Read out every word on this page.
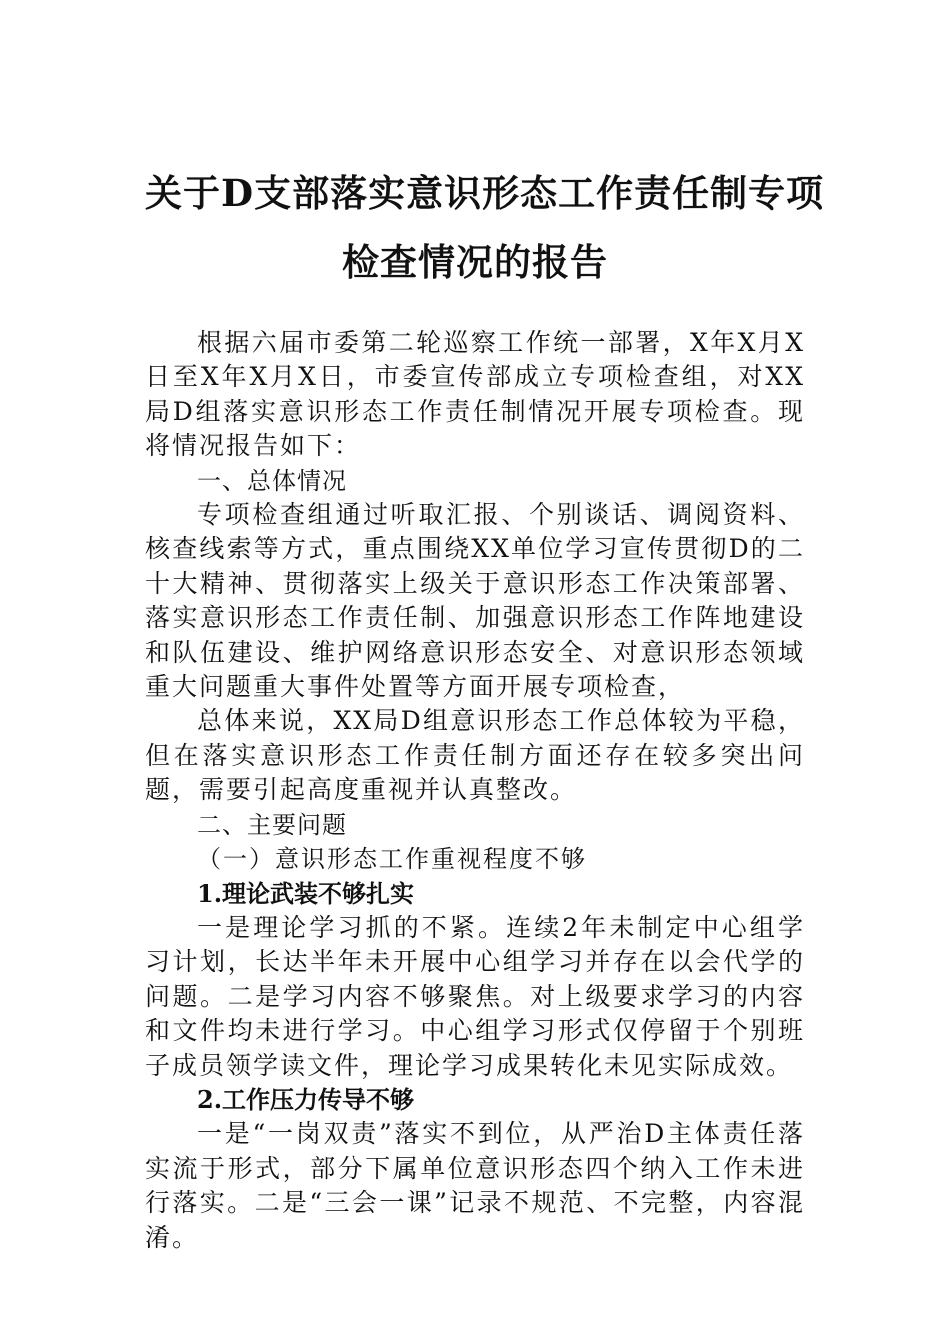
关于D支部落实意识形态工作责任制专项
检查情况的报告

根据六届市委第二轮巡察工作统一部署，X年X月X日至X年X月X日，市委宣传部成立专项检查组，对XX局D组落实意识形态工作责任制情况开展专项检查。现将情况报告如下：

一、总体情况

专项检查组通过听取汇报、个别谈话、调阅资料、核查线索等方式，重点围绕XX单位学习宣传贯彻D的二十大精神、贯彻落实上级关于意识形态工作决策部署、落实意识形态工作责任制、加强意识形态工作阵地建设和队伍建设、维护网络意识形态安全、对意识形态领域重大问题重大事件处置等方面开展专项检查，

总体来说，XX局D组意识形态工作总体较为平稳，但在落实意识形态工作责任制方面还存在较多突出问题，需要引起高度重视并认真整改。

二、主要问题

（一）意识形态工作重视程度不够

1.理论武装不够扎实

一是理论学习抓的不紧。连续2年未制定中心组学习计划，长达半年未开展中心组学习并存在以会代学的问题。二是学习内容不够聚焦。对上级要求学习的内容和文件均未进行学习。中心组学习形式仅停留于个别班子成员领学读文件，理论学习成果转化未见实际成效。

2.工作压力传导不够

一是“一岗双责”落实不到位，从严治D主体责任落实流于形式，部分下属单位意识形态四个纳入工作未进行落实。二是“三会一课”记录不规范、不完整，内容混淆。
